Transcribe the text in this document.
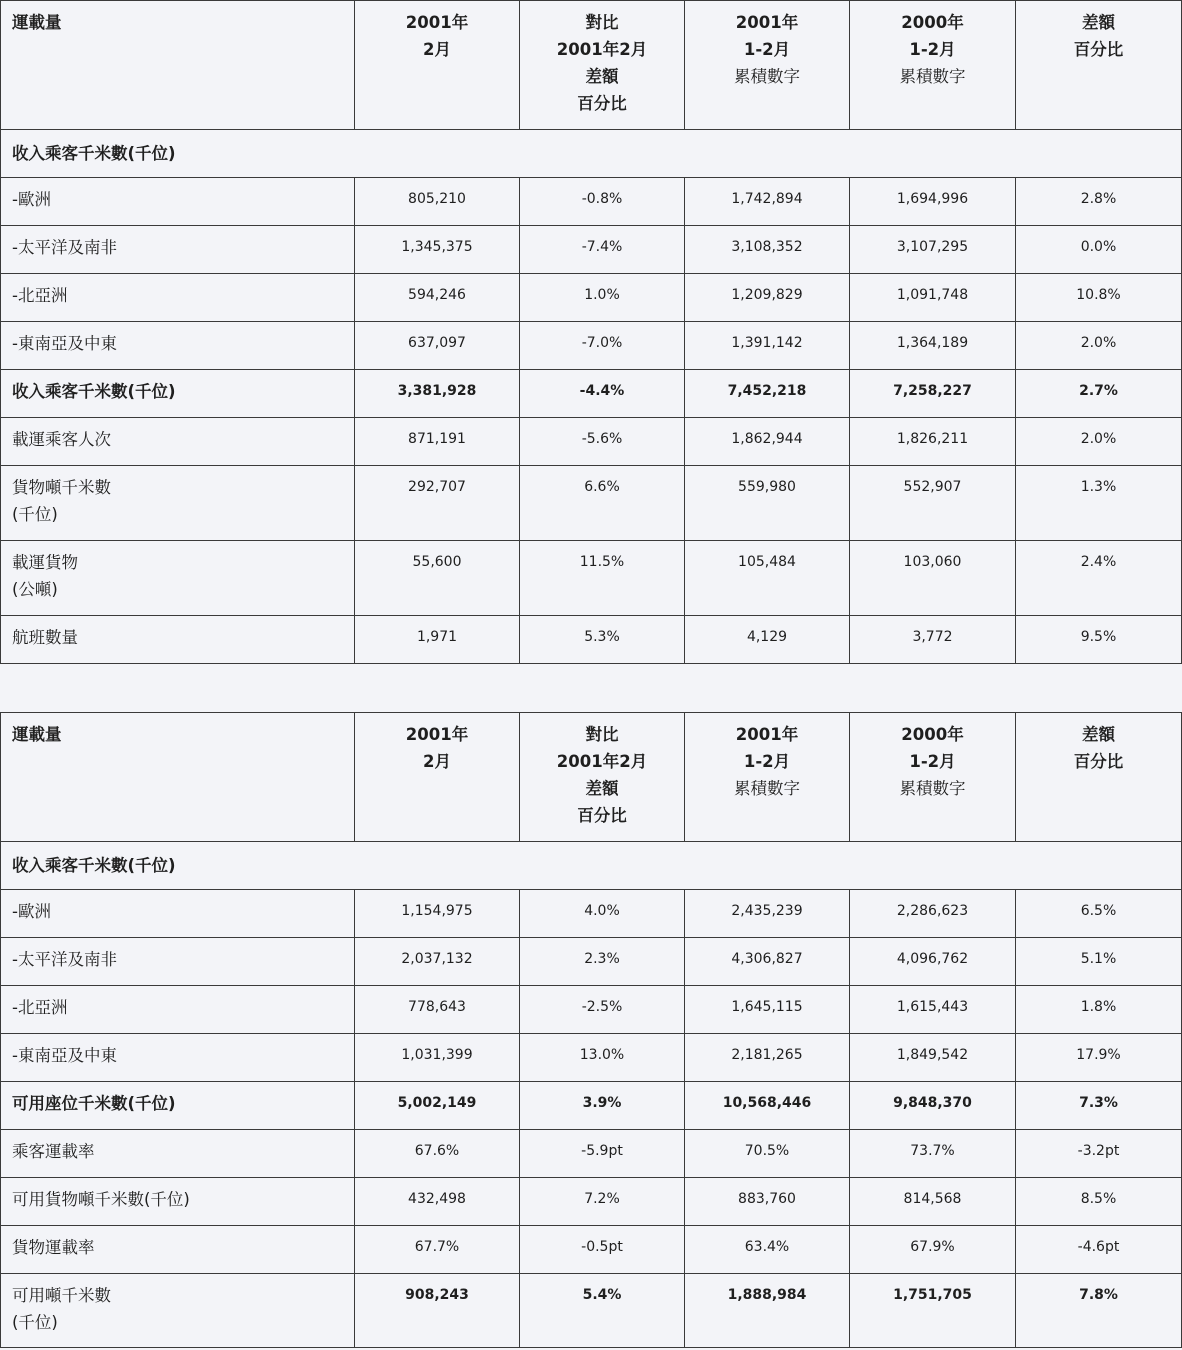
運載量	2001年
2月	對比
2001年2月
差額
百分比	2001年
1-2月
累積數字	2000年
1-2月
累積數字	差額
百分比

收入乘客千米數(千位)					

-歐洲	805,210	-0.8%	1,742,894	1,694,996	2.8%

-太平洋及南非	1,345,375	-7.4%	3,108,352	3,107,295	0.0%

-北亞洲	594,246	1.0%	1,209,829	1,091,748	10.8%

-東南亞及中東	637,097	-7.0%	1,391,142	1,364,189	2.0%

收入乘客千米數(千位)	3,381,928	-4.4%	7,452,218	7,258,227	2.7%

載運乘客人次	871,191	-5.6%	1,862,944	1,826,211	2.0%

貨物噸千米數
(千位)	292,707	6.6%	559,980	552,907	1.3%

載運貨物
(公噸)	55,600	11.5%	105,484	103,060	2.4%

航班數量	1,971	5.3%	4,129	3,772	9.5%
運載量	2001年
2月	對比
2001年2月
差額
百分比	2001年
1-2月
累積數字	2000年
1-2月
累積數字	差額
百分比

收入乘客千米數(千位)					

-歐洲	1,154,975	4.0%	2,435,239	2,286,623	6.5%

-太平洋及南非	2,037,132	2.3%	4,306,827	4,096,762	5.1%

-北亞洲	778,643	-2.5%	1,645,115	1,615,443	1.8%

-東南亞及中東	1,031,399	13.0%	2,181,265	1,849,542	17.9%

可用座位千米數(千位)	5,002,149	3.9%	10,568,446	9,848,370	7.3%

乘客運載率	67.6%	-5.9pt	70.5%	73.7%	-3.2pt

可用貨物噸千米數(千位)	432,498	7.2%	883,760	814,568	8.5%

貨物運載率	67.7%	-0.5pt	63.4%	67.9%	-4.6pt

可用噸千米數
(千位)	908,243	5.4%	1,888,984	1,751,705	7.8%
